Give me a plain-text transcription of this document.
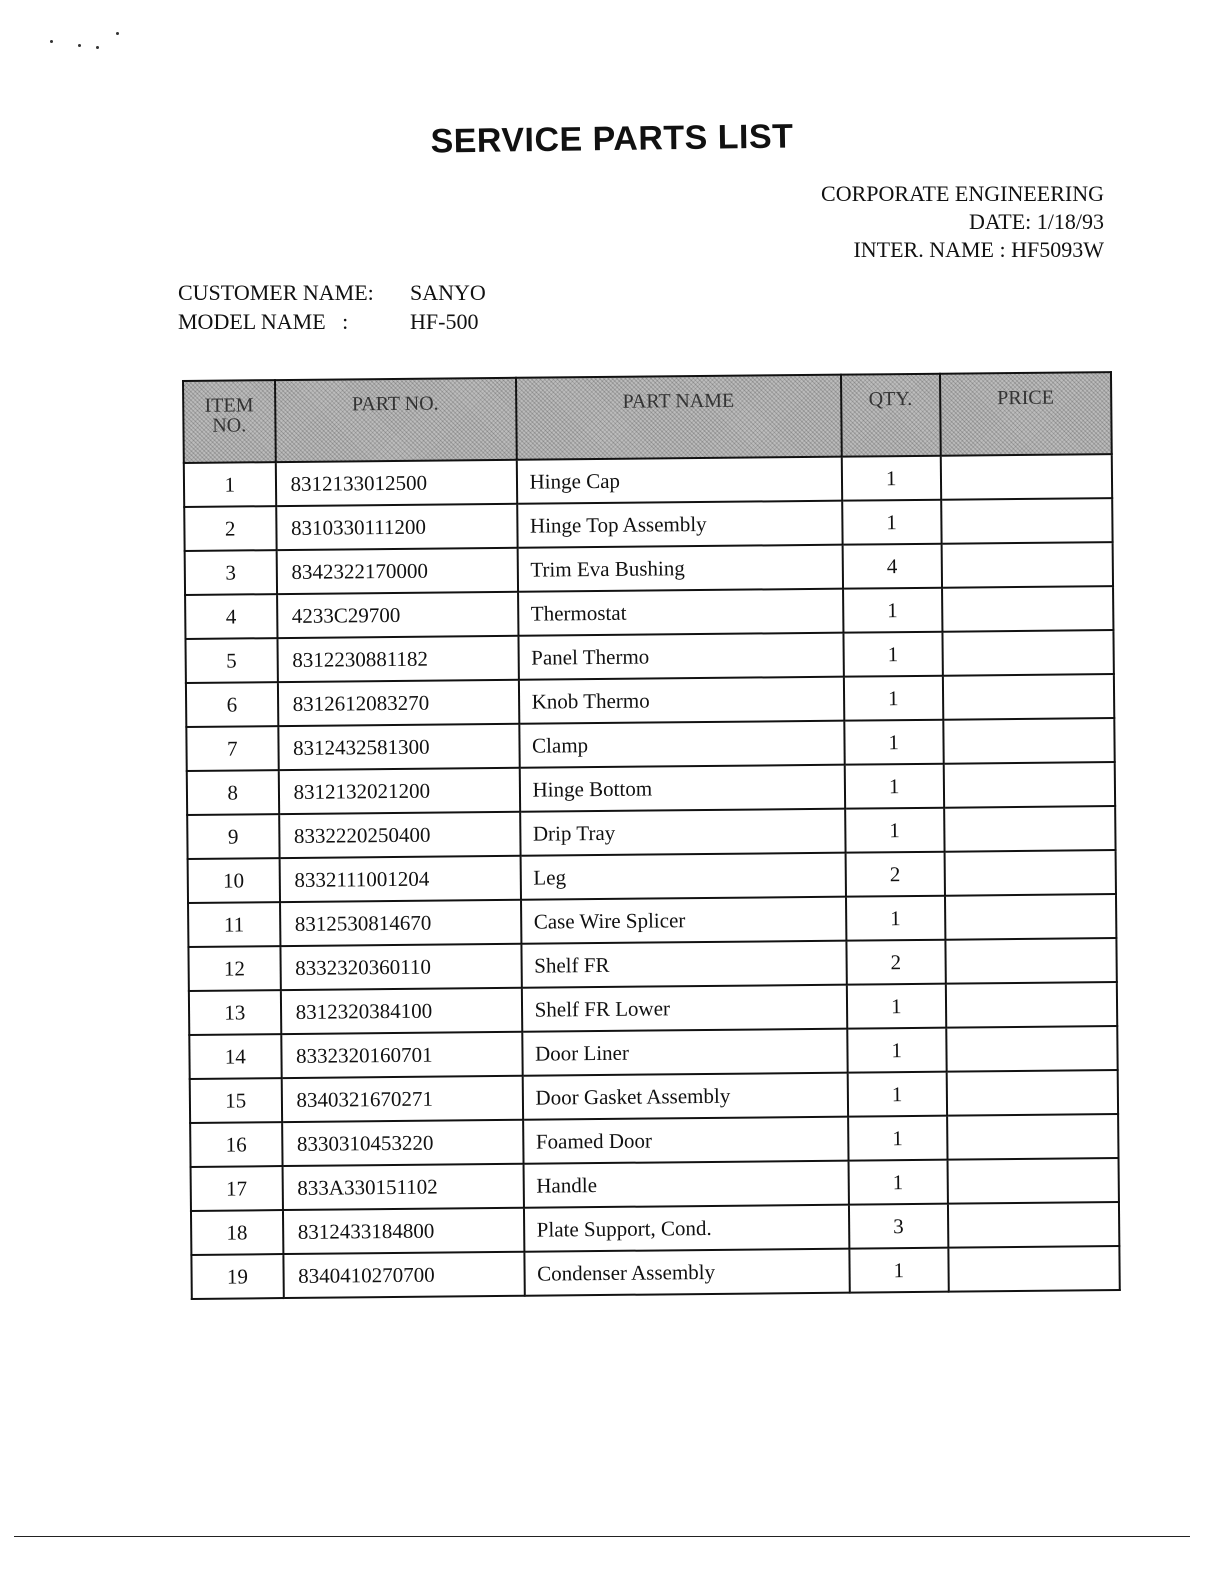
SERVICE PARTS LIST
CORPORATE ENGINEERING
DATE: 1/18/93
INTER. NAME : HF5093W
CUSTOMER NAME: SANYO
MODEL NAME   :	HF-500
ITEM
NO.	PART NO.	PART NAME	QTY.	PRICE
1	8312133012500	Hinge Cap	1	
2	8310330111200	Hinge Top Assembly	1	
3	8342322170000	Trim Eva Bushing	4	
4	4233C29700	Thermostat	1	
5	8312230881182	Panel Thermo	1	
6	8312612083270	Knob Thermo	1	
7	8312432581300	Clamp	1	
8	8312132021200	Hinge Bottom	1	
9	8332220250400	Drip Tray	1	
10	8332111001204	Leg	2	
11	8312530814670	Case Wire Splicer	1	
12	8332320360110	Shelf FR	2	
13	8312320384100	Shelf FR Lower	1	
14	8332320160701	Door Liner	1	
15	8340321670271	Door Gasket Assembly	1	
16	8330310453220	Foamed Door	1	
17	833A330151102	Handle	1	
18	8312433184800	Plate Support, Cond.	3	
19	8340410270700	Condenser Assembly	1	
